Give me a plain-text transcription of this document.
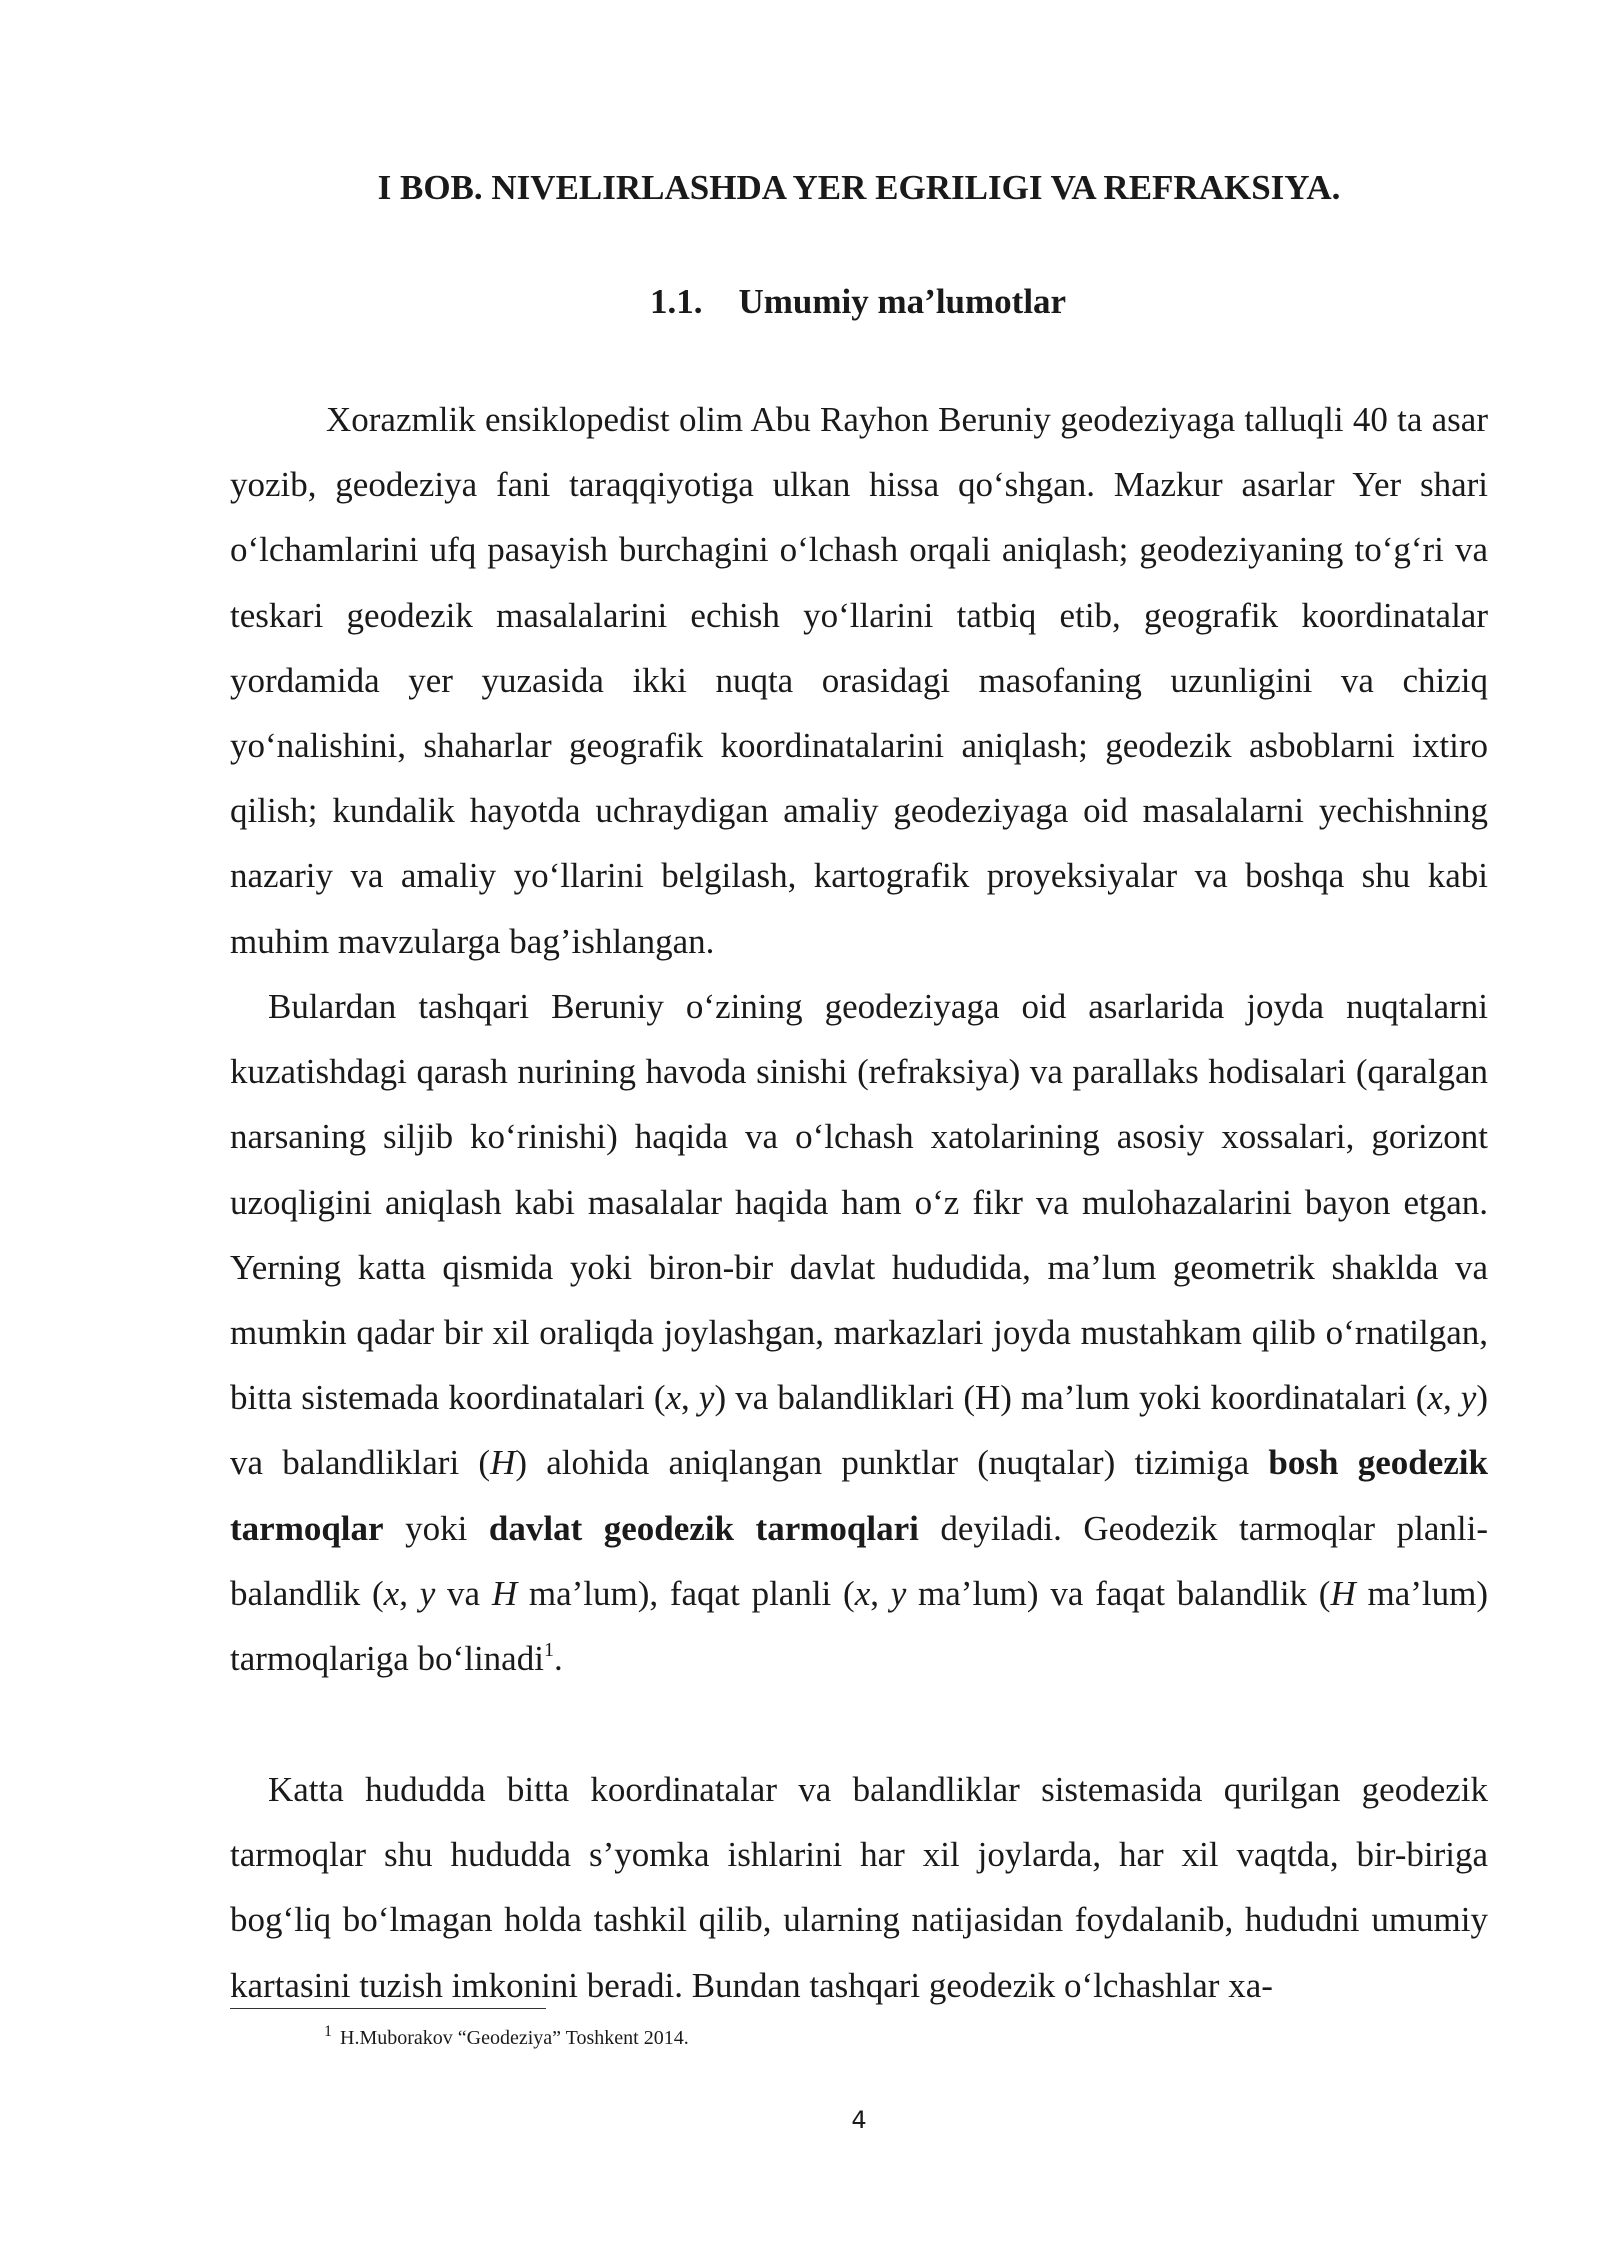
I BOB. NIVELIRLASHDA YER EGRILIGI VA REFRAKSIYA.
1.1. Umumiy ma’lumotlar

Xorazmlik ensiklopedist olim Abu Rayhon Beruniy geodeziyaga talluqli 40 ta asar yozib, geodeziya fani taraqqiyotiga ulkan hissa qo‘shgan. Mazkur asarlar Yer shari o‘lchamlarini ufq pasayish burchagini o‘lchash orqali aniqlash; geodeziyaning to‘g‘ri va teskari geodezik masalalarini echish yo‘llarini tatbiq etib, geografik koordinatalar yordamida yer yuzasida ikki nuqta orasidagi masofaning uzunligini va chiziq yo‘nalishini, shaharlar geografik koordinatalarini aniqlash; geodezik asboblarni ixtiro qilish; kundalik hayotda uchraydigan amaliy geodeziyaga oid masalalarni yechishning nazariy va amaliy yo‘llarini belgilash, kartografik proyeksiyalar va boshqa shu kabi muhim mavzularga bag’ishlangan.

Bulardan tashqari Beruniy o‘zining geodeziyaga oid asarlarida joyda nuqtalarni kuzatishdagi qarash nurining havoda sinishi (refraksiya) va parallaks hodisalari (qaralgan narsaning siljib ko‘rinishi) haqida va o‘lchash xatolarining asosiy xossalari, gorizont uzoqligini aniqlash kabi masalalar haqida ham o‘z fikr va mulohazalarini bayon etgan. Yerning katta qismida yoki biron-bir davlat hududida, ma’lum geometrik shaklda va mumkin qadar bir xil oraliqda joylashgan, markazlari joyda mustahkam qilib o‘rnatilgan, bitta sistemada koordinatalari (x, y) va balandliklari (H) ma’lum yoki koordinatalari (x, y) va balandliklari (H) alohida aniqlangan punktlar (nuqtalar) tizimiga bosh geodezik tarmoqlar yoki davlat geodezik tarmoqlari deyiladi. Geodezik tarmoqlar planli-balandlik (x, y va H ma’lum), faqat planli (x, y ma’lum) va faqat balandlik (H ma’lum) tarmoqlariga bo‘linadi$^1$.

Katta hududda bitta koordinatalar va balandliklar sistemasida qurilgan geodezik tarmoqlar shu hududda s’yomka ishlarini har xil joylarda, har xil vaqtda, bir-biriga bog‘liq bo‘lmagan holda tashkil qilib, ularning natijasidan foydalanib, hududni umumiy kartasini tuzish imkonini beradi. Bundan tashqari geodezik o‘lchashlar xa-

$^1$ H.Muborakov “Geodeziya” Toshkent 2014.

4
